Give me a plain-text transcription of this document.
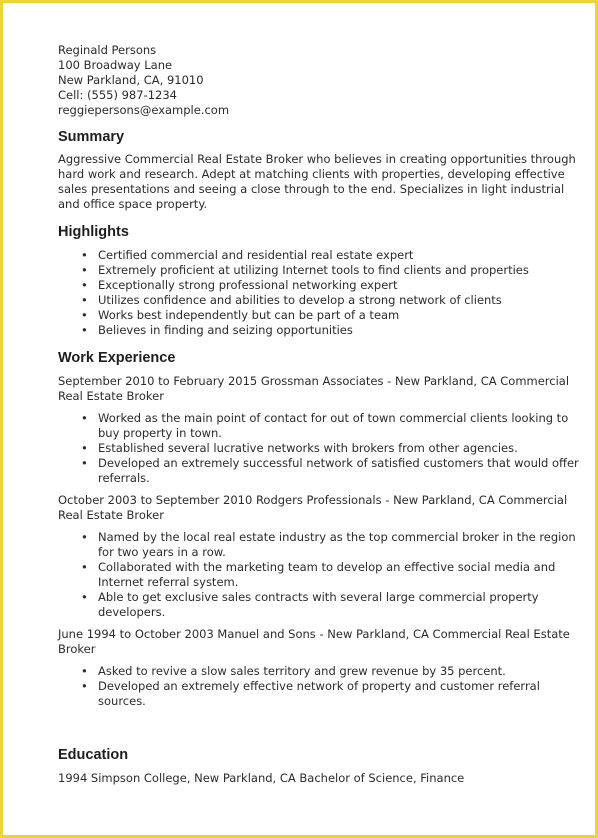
Reginald Persons

100 Broadway Lane

New Parkland, CA, 91010

Cell: (555) 987-1234

reggiepersons@example.com

Summary

Aggressive Commercial Real Estate Broker who believes in creating opportunities through hard work and research. Adept at matching clients with properties, developing effective sales presentations and seeing a close through to the end. Specializes in light industrial and office space property.

Highlights
• Certified commercial and residential real estate expert
• Extremely proficient at utilizing Internet tools to find clients and properties
• Exceptionally strong professional networking expert
• Utilizes confidence and abilities to develop a strong network of clients
• Works best independently but can be part of a team
• Believes in finding and seizing opportunities
Work Experience

September 2010 to February 2015 Grossman Associates - New Parkland, CA Commercial Real Estate Broker

• Worked as the main point of contact for out of town commercial clients looking to buy property in town.
• Established several lucrative networks with brokers from other agencies.
• Developed an extremely successful network of satisfied customers that would offer referrals.

October 2003 to September 2010 Rodgers Professionals - New Parkland, CA Commercial Real Estate Broker

• Named by the local real estate industry as the top commercial broker in the region for two years in a row.
• Collaborated with the marketing team to develop an effective social media and Internet referral system.
• Able to get exclusive sales contracts with several large commercial property developers.

June 1994 to October 2003 Manuel and Sons - New Parkland, CA Commercial Real Estate Broker

• Asked to revive a slow sales territory and grew revenue by 35 percent.
• Developed an extremely effective network of property and customer referral sources.
Education

1994 Simpson College, New Parkland, CA Bachelor of Science, Finance
